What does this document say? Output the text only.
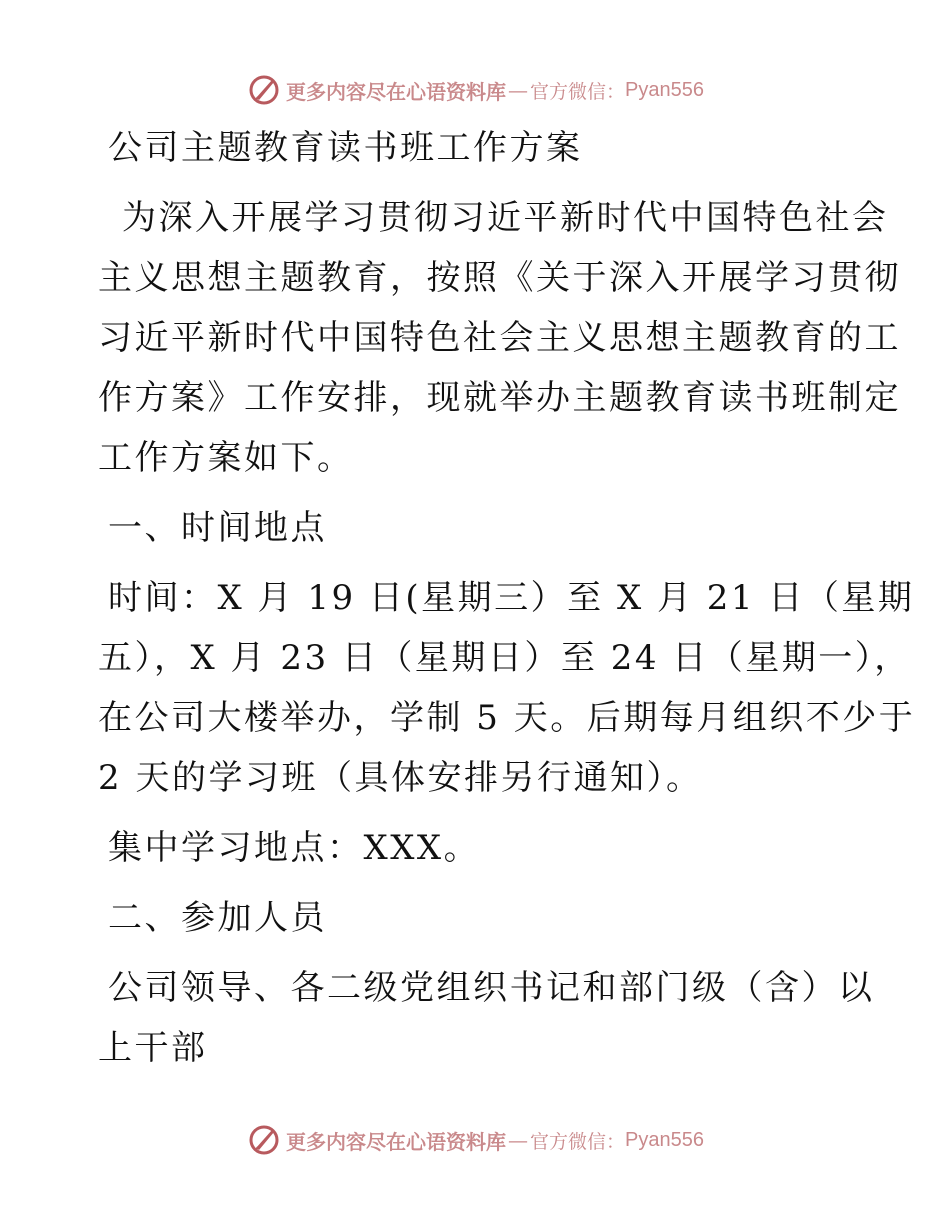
更多内容尽在心语资料库 — 官方微信： Pyan556
公司主题教育读书班工作方案
为深入开展学习贯彻习近平新时代中国特色社会
主义思想主题教育，按照《关于深入开展学习贯彻
习近平新时代中国特色社会主义思想主题教育的工
作方案》工作安排，现就举办主题教育读书班制定
工作方案如下。
一、时间地点
时间：X 月 19 日(星期三）至 X 月 21 日（星期
五），X 月 23 日（星期日）至 24 日（星期一），
在公司大楼举办，学制 5 天。后期每月组织不少于
2 天的学习班（具体安排另行通知）。
集中学习地点：XXX。
二、参加人员
公司领导、各二级党组织书记和部门级（含）以
上干部
更多内容尽在心语资料库 — 官方微信： Pyan556
